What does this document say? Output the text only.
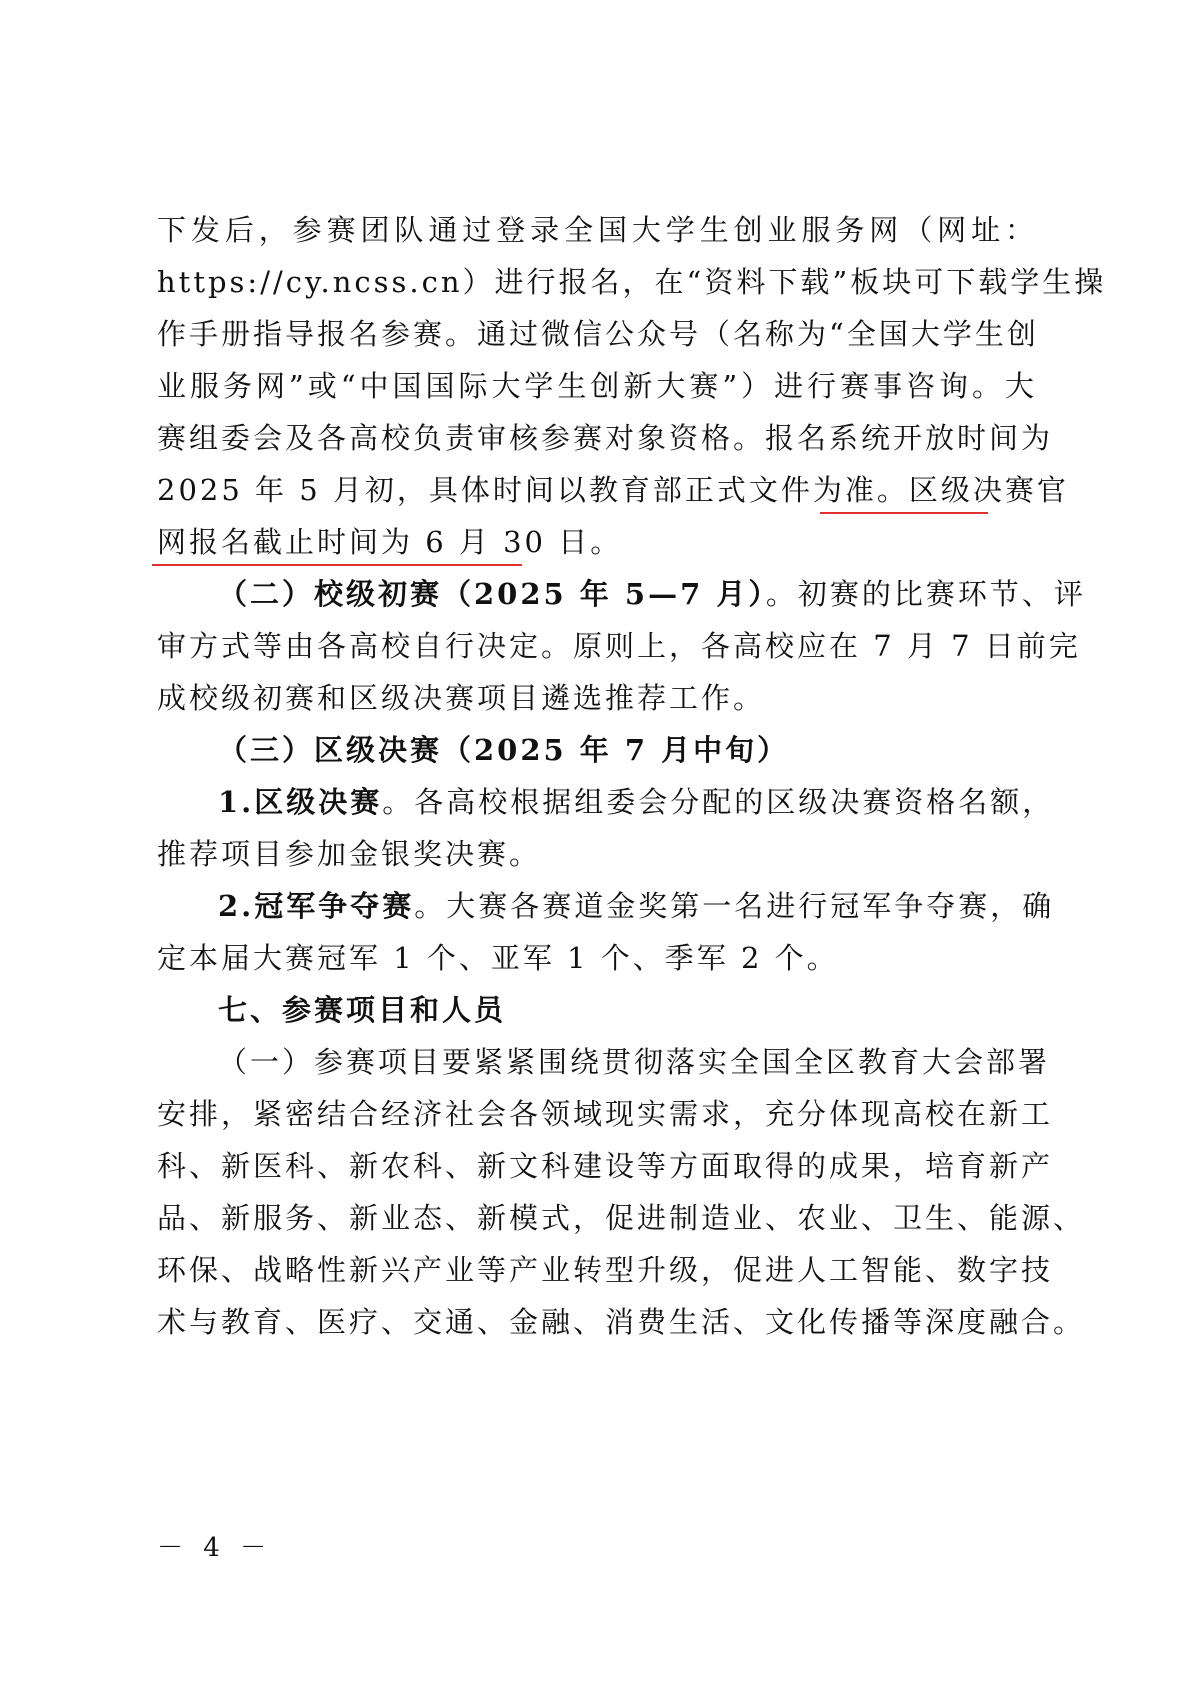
下发后，参赛团队通过登录全国大学生创业服务网（网址：
https://cy.ncss.cn）进行报名，在“资料下载”板块可下载学生操
作手册指导报名参赛。通过微信公众号（名称为“全国大学生创
业服务网”或“中国国际大学生创新大赛”）进行赛事咨询。大
赛组委会及各高校负责审核参赛对象资格。报名系统开放时间为
2025 年 5 月初，具体时间以教育部正式文件为准。区级决赛官
网报名截止时间为 6 月 30 日。
（二）校级初赛（2025 年 5—7 月）。初赛的比赛环节、评
审方式等由各高校自行决定。原则上，各高校应在 7 月 7 日前完
成校级初赛和区级决赛项目遴选推荐工作。
（三）区级决赛（2025 年 7 月中旬）
1.区级决赛。各高校根据组委会分配的区级决赛资格名额，
推荐项目参加金银奖决赛。
2.冠军争夺赛。大赛各赛道金奖第一名进行冠军争夺赛，确
定本届大赛冠军 1 个、亚军 1 个、季军 2 个。
七、参赛项目和人员
（一）参赛项目要紧紧围绕贯彻落实全国全区教育大会部署
安排，紧密结合经济社会各领域现实需求，充分体现高校在新工
科、新医科、新农科、新文科建设等方面取得的成果，培育新产
品、新服务、新业态、新模式，促进制造业、农业、卫生、能源、
环保、战略性新兴产业等产业转型升级，促进人工智能、数字技
术与教育、医疗、交通、金融、消费生活、文化传播等深度融合。
－ 4 －
